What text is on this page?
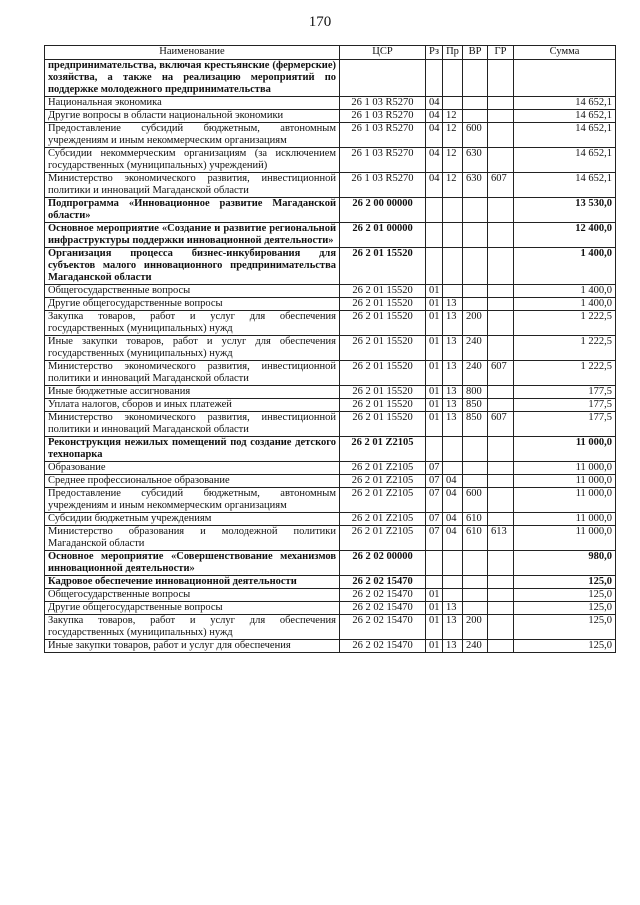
170
Наименование	ЦСР	Рз	Пр	ВР	ГР	Сумма
предпринимательства, включая крестьянские (фермерские) хозяйства, а также на реализацию мероприятий по поддержке молодежного предпринимательства						
Национальная экономика	26 1 03 R5270	04				14 652,1
Другие вопросы в области национальной экономики	26 1 03 R5270	04	12			14 652,1
Предоставление субсидий бюджетным, автономным учреждениям и иным некоммерческим организациям	26 1 03 R5270	04	12	600		14 652,1
Субсидии некоммерческим организациям (за исключением государственных (муниципальных) учреждений)	26 1 03 R5270	04	12	630		14 652,1
Министерство экономического развития, инвестиционной политики и инноваций Магаданской области	26 1 03 R5270	04	12	630	607	14 652,1
Подпрограмма «Инновационное развитие Магаданской области»	26 2 00 00000					13 530,0
Основное мероприятие «Создание и развитие региональной инфраструктуры поддержки инновационной деятельности»	26 2 01 00000					12 400,0
Организация процесса бизнес-инкубирования для субъектов малого инновационного предпринимательства Магаданской области	26 2 01 15520					1 400,0
Общегосударственные вопросы	26 2 01 15520	01				1 400,0
Другие общегосударственные вопросы	26 2 01 15520	01	13			1 400,0
Закупка товаров, работ и услуг для обеспечения государственных (муниципальных) нужд	26 2 01 15520	01	13	200		1 222,5
Иные закупки товаров, работ и услуг для обеспечения государственных (муниципальных) нужд	26 2 01 15520	01	13	240		1 222,5
Министерство экономического развития, инвестиционной политики и инноваций Магаданской области	26 2 01 15520	01	13	240	607	1 222,5
Иные бюджетные ассигнования	26 2 01 15520	01	13	800		177,5
Уплата налогов, сборов и иных платежей	26 2 01 15520	01	13	850		177,5
Министерство экономического развития, инвестиционной политики и инноваций Магаданской области	26 2 01 15520	01	13	850	607	177,5
Реконструкция нежилых помещений под создание детского технопарка	26 2 01 Z2105					11 000,0
Образование	26 2 01 Z2105	07				11 000,0
Среднее профессиональное образование	26 2 01 Z2105	07	04			11 000,0
Предоставление субсидий бюджетным, автономным учреждениям и иным некоммерческим организациям	26 2 01 Z2105	07	04	600		11 000,0
Субсидии бюджетным учреждениям	26 2 01 Z2105	07	04	610		11 000,0
Министерство образования и молодежной политики Магаданской области	26 2 01 Z2105	07	04	610	613	11 000,0
Основное мероприятие «Совершенствование механизмов инновационной деятельности»	26 2 02 00000					980,0
Кадровое обеспечение инновационной деятельности	26 2 02 15470					125,0
Общегосударственные вопросы	26 2 02 15470	01				125,0
Другие общегосударственные вопросы	26 2 02 15470	01	13			125,0
Закупка товаров, работ и услуг для обеспечения государственных (муниципальных) нужд	26 2 02 15470	01	13	200		125,0
Иные закупки товаров, работ и услуг для обеспечения	26 2 02 15470	01	13	240		125,0
